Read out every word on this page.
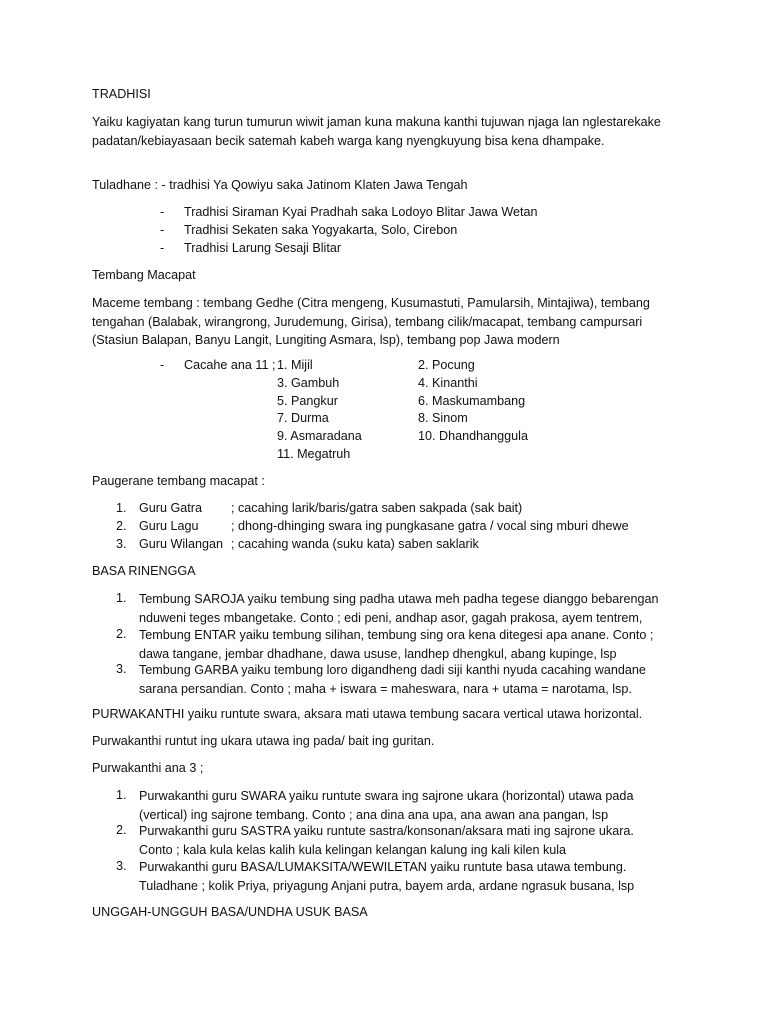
TRADHISI
Yaiku kagiyatan kang turun tumurun wiwit jaman kuna makuna kanthi tujuwan njaga lan nglestarekake padatan/kebiayasaan becik satemah kabeh warga kang nyengkuyung bisa kena dhampake.
Tuladhane : - tradhisi Ya Qowiyu saka Jatinom Klaten Jawa Tengah
- Tradhisi Siraman Kyai Pradhah saka Lodoyo Blitar Jawa Wetan
- Tradhisi Sekaten saka Yogyakarta, Solo, Cirebon
- Tradhisi Larung Sesaji Blitar
Tembang Macapat
Maceme tembang : tembang Gedhe (Citra mengeng, Kusumastuti, Pamularsih, Mintajiwa), tembang tengahan (Balabak, wirangrong, Jurudemung, Girisa), tembang cilik/macapat, tembang campursari (Stasiun Balapan, Banyu Langit, Lungiting Asmara, lsp), tembang pop Jawa modern
- Cacahe ana 11 ; 1. Mijil
3. Gambuh
5. Pangkur
7. Durma
9. Asmaradana
11. Megatruh
2. Pocung
4. Kinanthi
6. Maskumambang
8. Sinom
10. Dhandhanggula
Paugerane tembang macapat :
1. Guru Gatra ; cacahing larik/baris/gatra saben sakpada (sak bait)
2. Guru Lagu	; dhong-dhinging swara ing pungkasane gatra / vocal sing mburi dhewe
3. Guru Wilangan ; cacahing wanda (suku kata) saben saklarik
BASA RINENGGA
1. Tembung SAROJA yaiku tembung sing padha utawa meh padha tegese dianggo bebarengan nduweni teges mbangetake. Conto ; edi peni, andhap asor, gagah prakosa, ayem tentrem,
2. Tembung ENTAR yaiku tembung silihan, tembung sing ora kena ditegesi apa anane. Conto ; dawa tangane, jembar dhadhane, dawa ususe, landhep dhengkul, abang kupinge, lsp
3. Tembung GARBA yaiku tembung loro digandheng dadi siji kanthi nyuda cacahing wandane sarana persandian. Conto ; maha + iswara = maheswara, nara + utama = narotama, lsp.
PURWAKANTHI yaiku runtute swara, aksara mati utawa tembung sacara vertical utawa horizontal.
Purwakanthi runtut ing ukara utawa ing pada/ bait ing guritan.
Purwakanthi ana 3 ;
1. Purwakanthi guru SWARA yaiku runtute swara ing sajrone ukara (horizontal) utawa pada (vertical) ing sajrone tembang. Conto ; ana dina ana upa, ana awan ana pangan, lsp
2. Purwakanthi guru SASTRA yaiku runtute sastra/konsonan/aksara mati ing sajrone ukara. Conto ; kala kula kelas kalih kula kelingan kelangan kalung ing kali kilen kula
3. Purwakanthi guru BASA/LUMAKSITA/WEWILETAN yaiku runtute basa utawa tembung. Tuladhane ; kolik Priya, priyagung Anjani putra, bayem arda, ardane ngrasuk busana, lsp
UNGGAH-UNGGUH BASA/UNDHA USUK BASA
